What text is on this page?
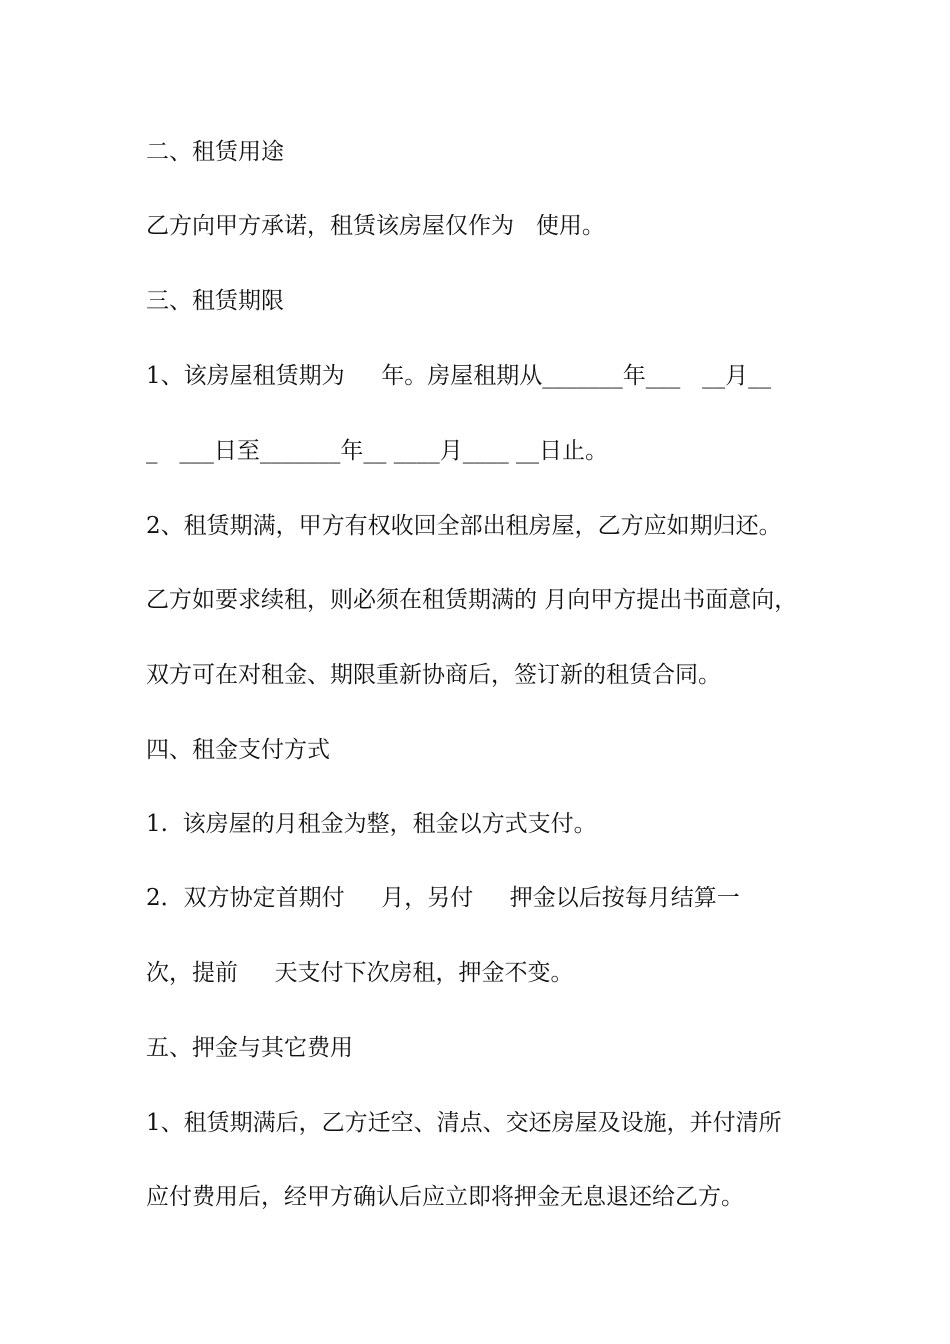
二、租赁用途
乙方向甲方承诺，租赁该房屋仅作为   使用。
三、租赁期限
1、该房屋租赁期为     年。房屋租期从_______年___   __月__
_   ___日至_______年__ ____月____ __日止。
2、租赁期满，甲方有权收回全部出租房屋，乙方应如期归还。
乙方如要求续租，则必须在租赁期满的 月向甲方提出书面意向，
双方可在对租金、期限重新协商后，签订新的租赁合同。
四、租金支付方式
1.  该房屋的月租金为整，租金以方式支付。
2．双方协定首期付     月，另付     押金以后按每月结算一
次，提前     天支付下次房租，押金不变。
五、押金与其它费用
1、租赁期满后，乙方迁空、清点、交还房屋及设施，并付清所
应付费用后，经甲方确认后应立即将押金无息退还给乙方。
